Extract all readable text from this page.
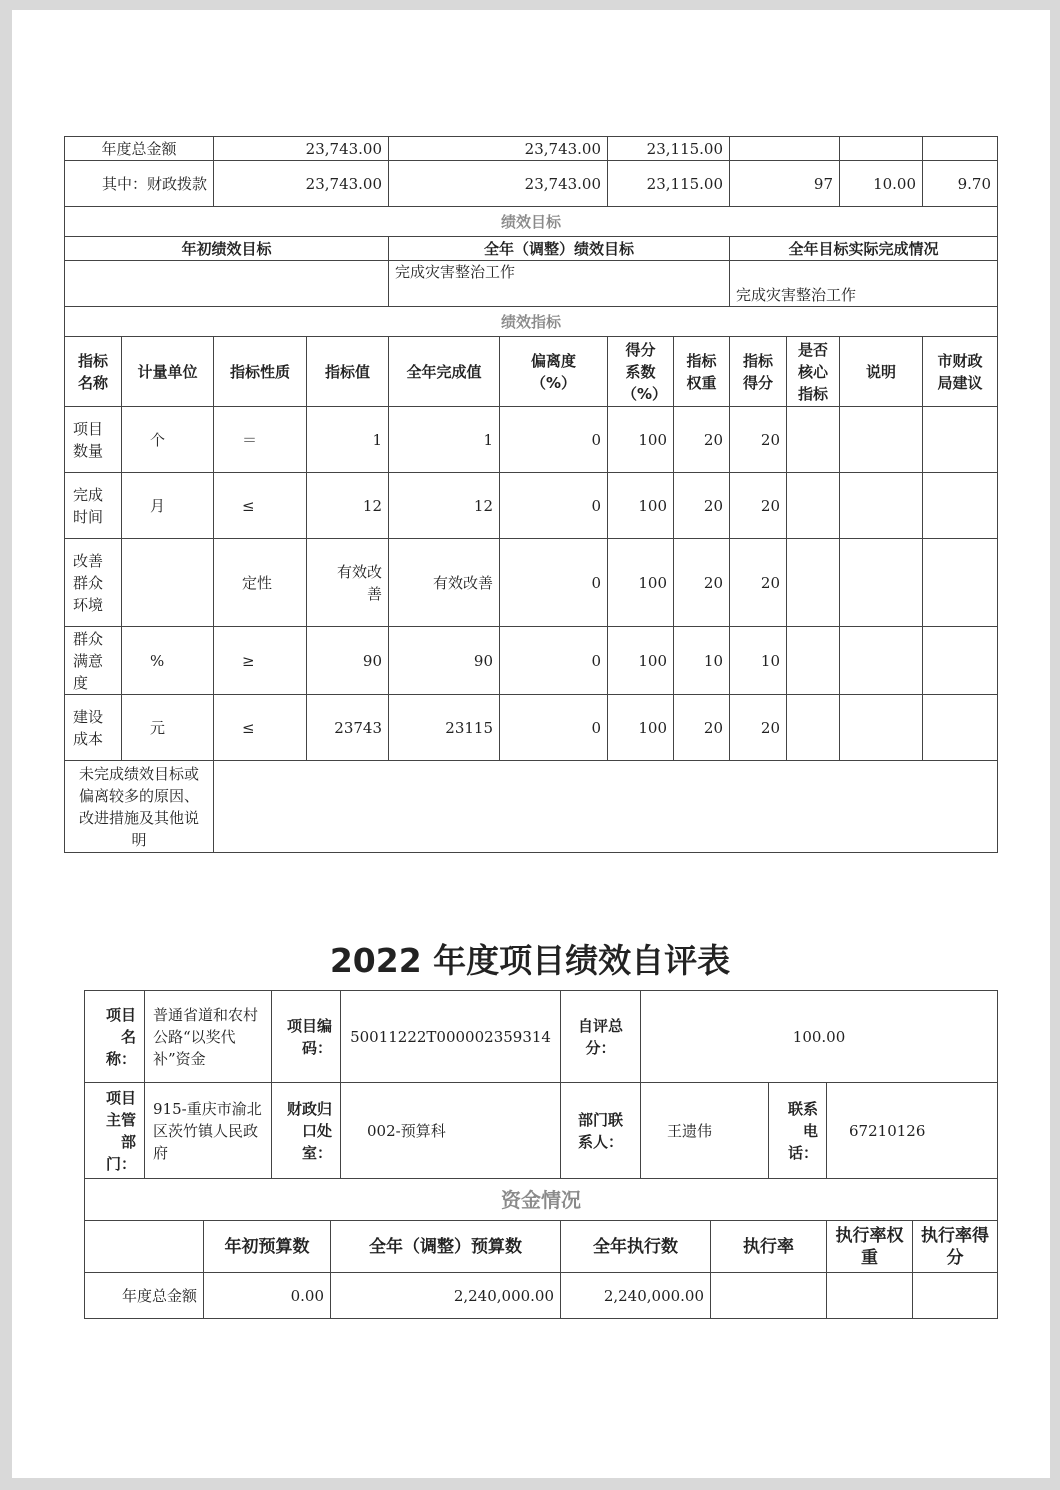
年度总金额		23,743.00		23,743.00		23,115.00					
其中：财政拨款		23,743.00		23,743.00		23,115.00		97		10.00	9.70
绩效目标											
年初绩效目标				全年（调整）绩效目标				全年目标实际完成情况			
				完成灾害整治工作				完成灾害整治工作			
绩效指标											
指标名称	计量单位	指标性质	指标值	全年完成值	偏离度（%）	得分系数（%）	指标权重	指标得分	是否核心指标	说明	市财政局建议
项目数量	个	＝	1	1	0	100	20	20			
完成时间	月	≤	12	12	0	100	20	20			
改善群众环境		定性	有效改善	有效改善	0	100	20	20			
群众满意度	%	≥	90	90	0	100	10	10			
建设成本	元	≤	23743	23115	0	100	20	20			
未完成绩效目标或偏离较多的原因、改进措施及其他说明											
2022 年度项目绩效自评表
项目名称：	普通省道和农村公路“以奖代补”资金		项目编码：		50011222T000002359314	自评总分：	100.00				
项目主管部门：	915-重庆市渝北区茨竹镇人民政府		财政归口处室：		002-预算科	部门联系人：	王遗伟		联系电话：	67210126	
资金情况											
		年初预算数		全年（调整）预算数		全年执行数		执行率		执行率权重	执行率得分
年度总金额		0.00		2,240,000.00		2,240,000.00					
